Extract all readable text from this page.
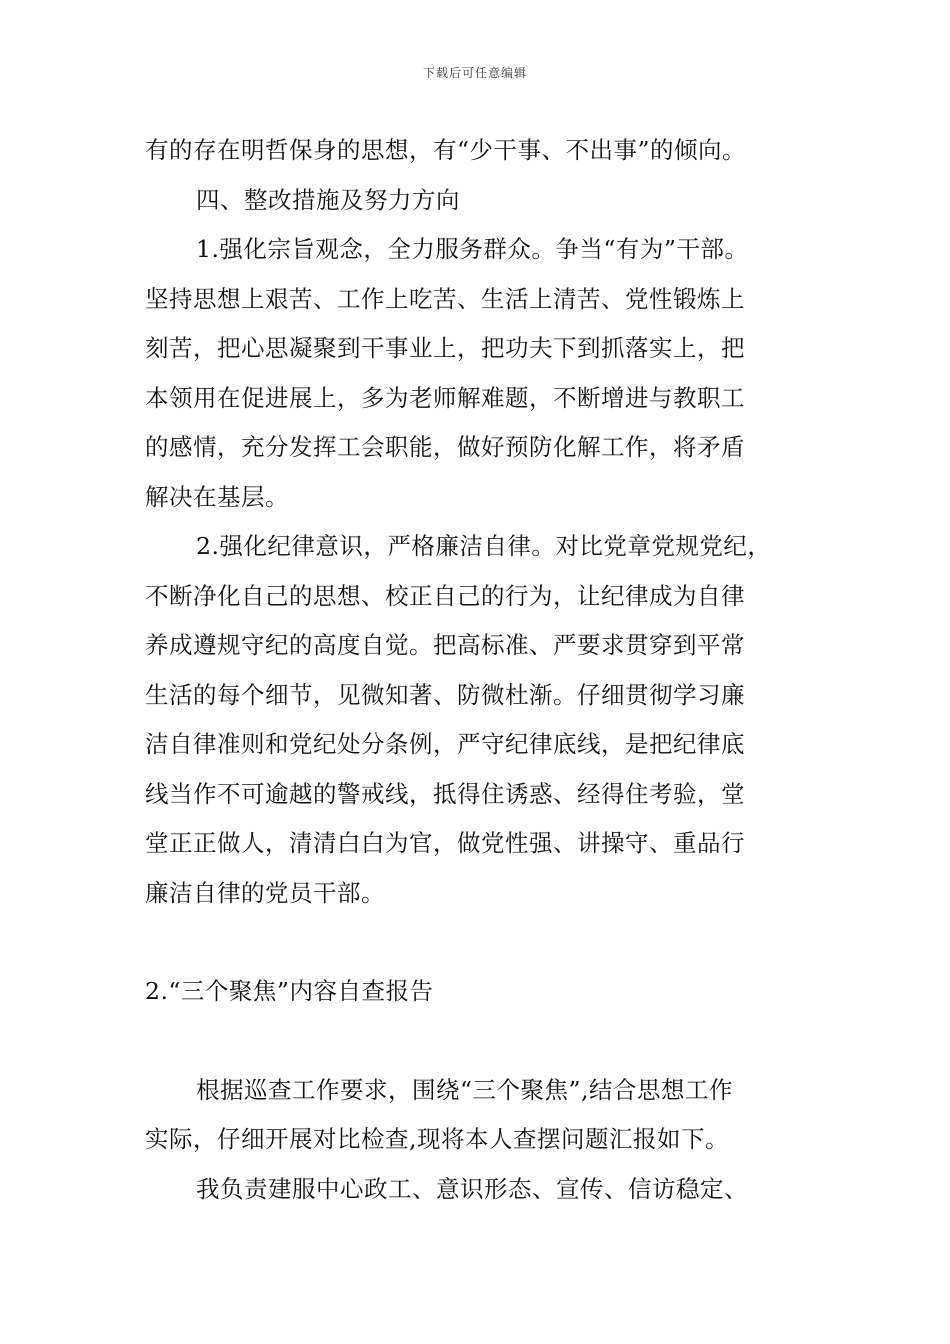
下载后可任意编辑
有的存在明哲保身的思想，有“少干事、不出事”的倾向。
四、整改措施及努力方向
1.强化宗旨观念，全力服务群众。争当“有为”干部。
坚持思想上艰苦、工作上吃苦、生活上清苦、党性锻炼上
刻苦，把心思凝聚到干事业上，把功夫下到抓落实上，把
本领用在促进展上，多为老师解难题，不断增进与教职工
的感情，充分发挥工会职能，做好预防化解工作，将矛盾
解决在基层。
2.强化纪律意识，严格廉洁自律。对比党章党规党纪，
不断净化自己的思想、校正自己的行为，让纪律成为自律
养成遵规守纪的高度自觉。把高标准、严要求贯穿到平常
生活的每个细节，见微知著、防微杜渐。仔细贯彻学习廉
洁自律准则和党纪处分条例，严守纪律底线，是把纪律底
线当作不可逾越的警戒线，抵得住诱惑、经得住考验，堂
堂正正做人，清清白白为官，做党性强、讲操守、重品行
廉洁自律的党员干部。
2.“三个聚焦”内容自查报告
根据巡查工作要求，围绕“三个聚焦”,结合思想工作
实际，仔细开展对比检查,现将本人查摆问题汇报如下。
我负责建服中心政工、意识形态、宣传、信访稳定、
